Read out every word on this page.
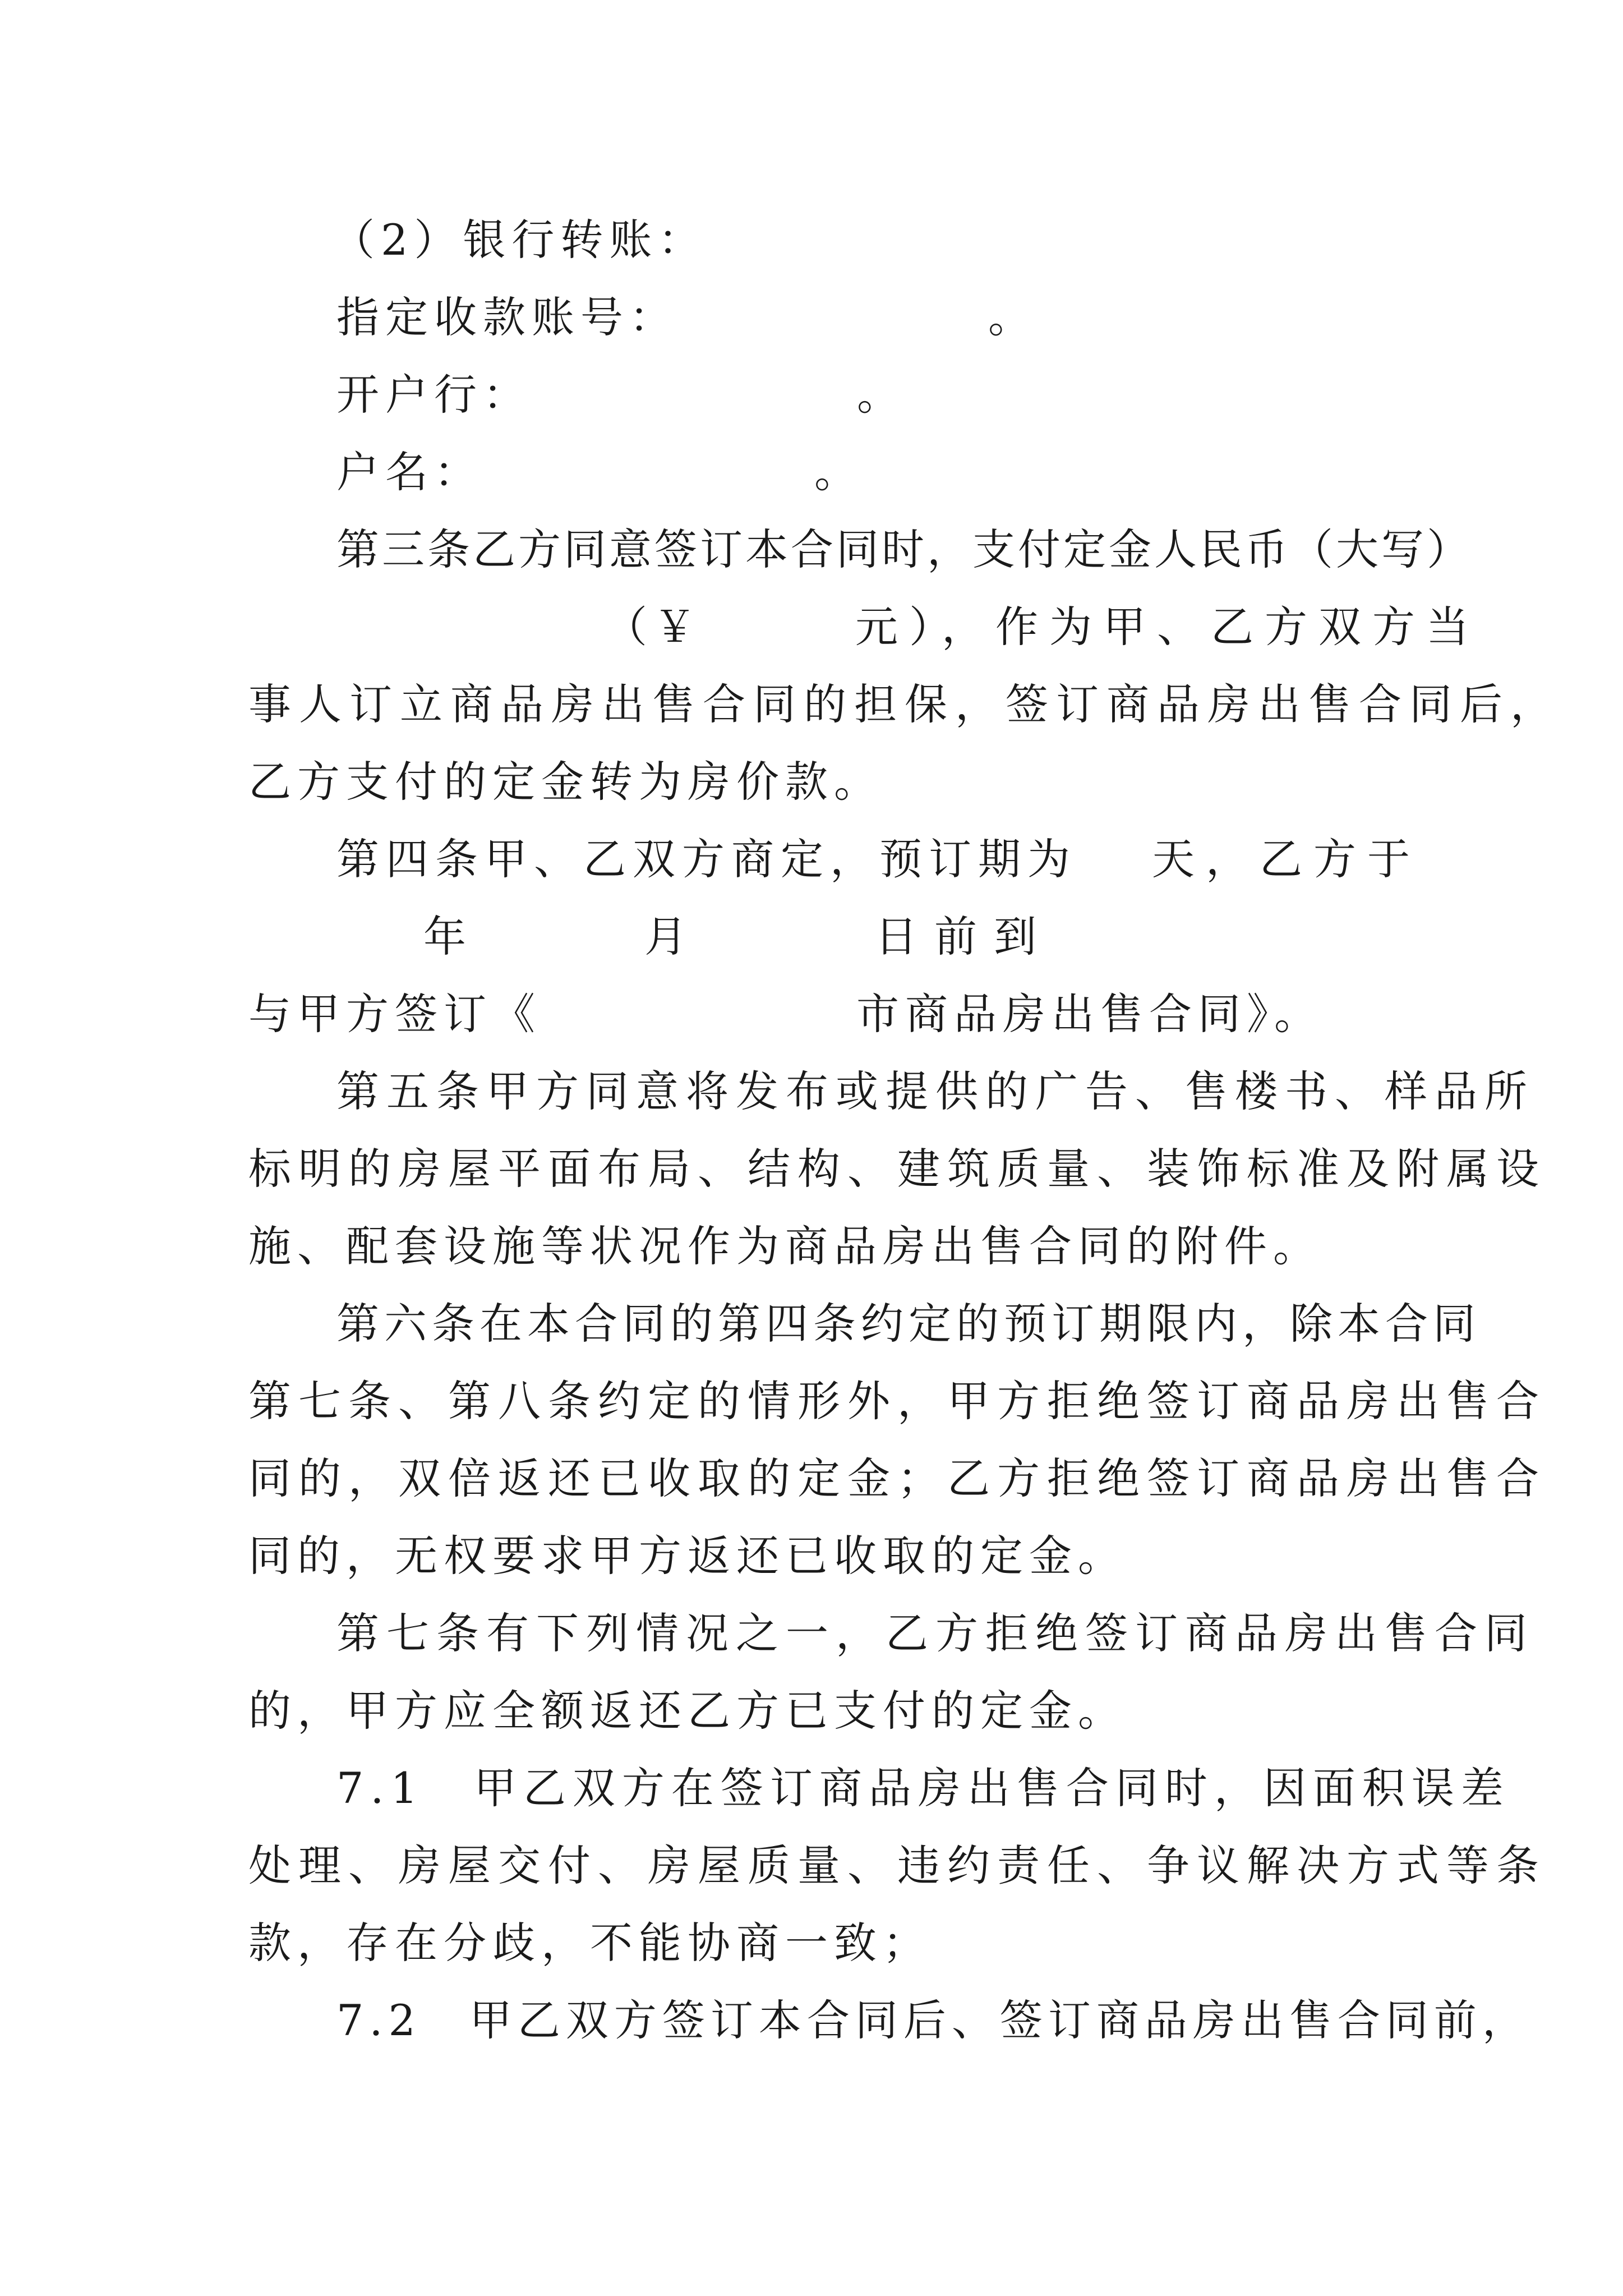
（2）银行转账：
指定收款账号：	。
开户行：	。
户名：	。
第三条乙方同意签订本合同时，支付定金人民币（大写）
（￥	元），作为甲、乙方双方当
事人订立商品房出售合同的担保，签订商品房出售合同后，
乙方支付的定金转为房价款。
第四条甲、乙双方商定，预订期为 天，乙方于
年	月	日前到
与甲方签订《	市商品房出售合同》。
第五条甲方同意将发布或提供的广告、售楼书、样品所
标明的房屋平面布局、结构、建筑质量、装饰标准及附属设
施、配套设施等状况作为商品房出售合同的附件。
第六条在本合同的第四条约定的预订期限内，除本合同
第七条、第八条约定的情形外，甲方拒绝签订商品房出售合
同的，双倍返还已收取的定金；乙方拒绝签订商品房出售合
同的，无权要求甲方返还已收取的定金。
第七条有下列情况之一，乙方拒绝签订商品房出售合同
的，甲方应全额返还乙方已支付的定金。
7.1　甲乙双方在签订商品房出售合同时，因面积误差
处理、房屋交付、房屋质量、违约责任、争议解决方式等条
款，存在分歧，不能协商一致；
7.2　甲乙双方签订本合同后、签订商品房出售合同前，
